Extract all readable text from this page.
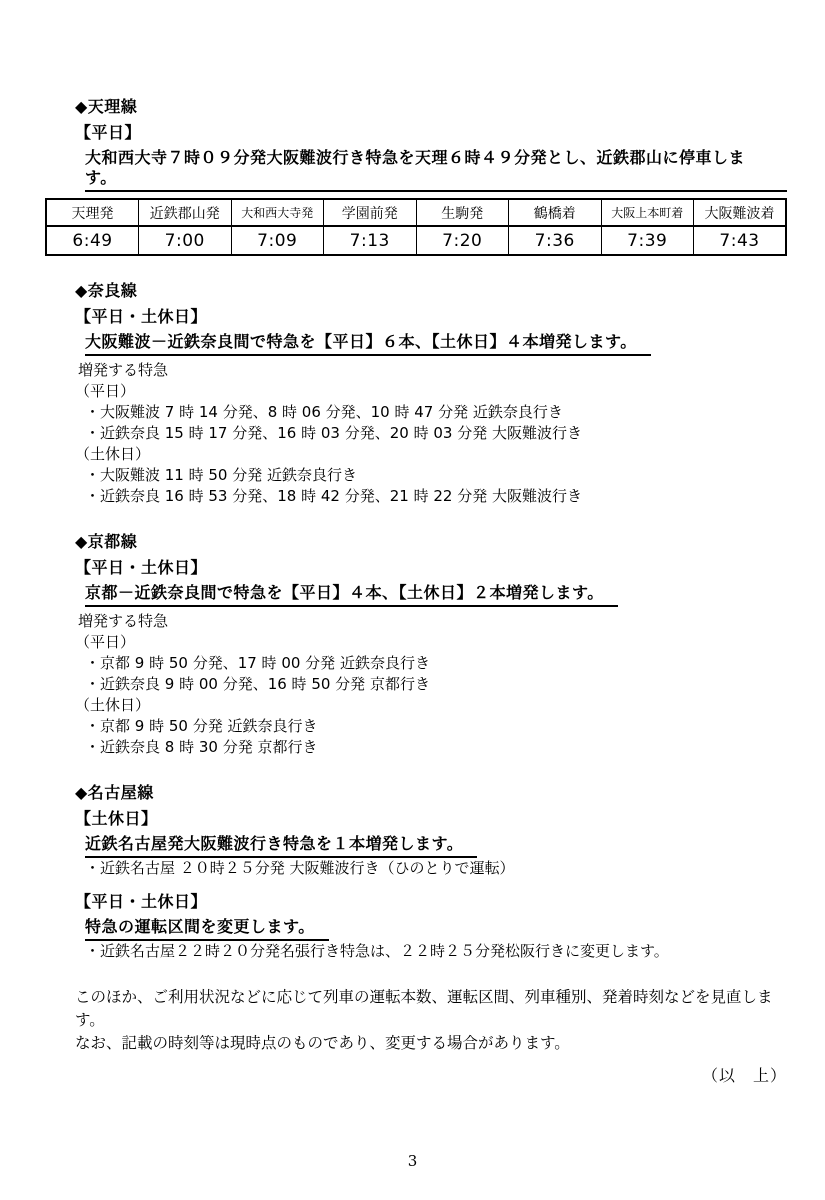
◆天理線
【平日】
大和西大寺７時０９分発大阪難波行き特急を天理６時４９分発とし、近鉄郡山に停車します。
天理発	近鉄郡山発	大和西大寺発	学園前発	生駒発	鶴橋着	大阪上本町着	大阪難波着
6:49	7:00	7:09	7:13	7:20	7:36	7:39	7:43
◆奈良線
【平日・土休日】
大阪難波－近鉄奈良間で特急を【平日】６本、【土休日】４本増発します。
増発する特急
（平日）
・大阪難波 7 時 14 分発、8 時 06 分発、10 時 47 分発 近鉄奈良行き
・近鉄奈良 15 時 17 分発、16 時 03 分発、20 時 03 分発 大阪難波行き
（土休日）
・大阪難波 11 時 50 分発 近鉄奈良行き
・近鉄奈良 16 時 53 分発、18 時 42 分発、21 時 22 分発 大阪難波行き
◆京都線
【平日・土休日】
京都－近鉄奈良間で特急を【平日】４本、【土休日】２本増発します。
増発する特急
（平日）
・京都 9 時 50 分発、17 時 00 分発 近鉄奈良行き
・近鉄奈良 9 時 00 分発、16 時 50 分発 京都行き
（土休日）
・京都 9 時 50 分発 近鉄奈良行き
・近鉄奈良 8 時 30 分発 京都行き
◆名古屋線
【土休日】
近鉄名古屋発大阪難波行き特急を１本増発します。
・近鉄名古屋 ２０時２５分発 大阪難波行き（ひのとりで運転）
【平日・土休日】
特急の運転区間を変更します。
・近鉄名古屋２２時２０分発名張行き特急は、２２時２５分発松阪行きに変更します。
このほか、ご利用状況などに応じて列車の運転本数、運転区間、列車種別、発着時刻などを見直します。
なお、記載の時刻等は現時点のものであり、変更する場合があります。
（以　上）
3
